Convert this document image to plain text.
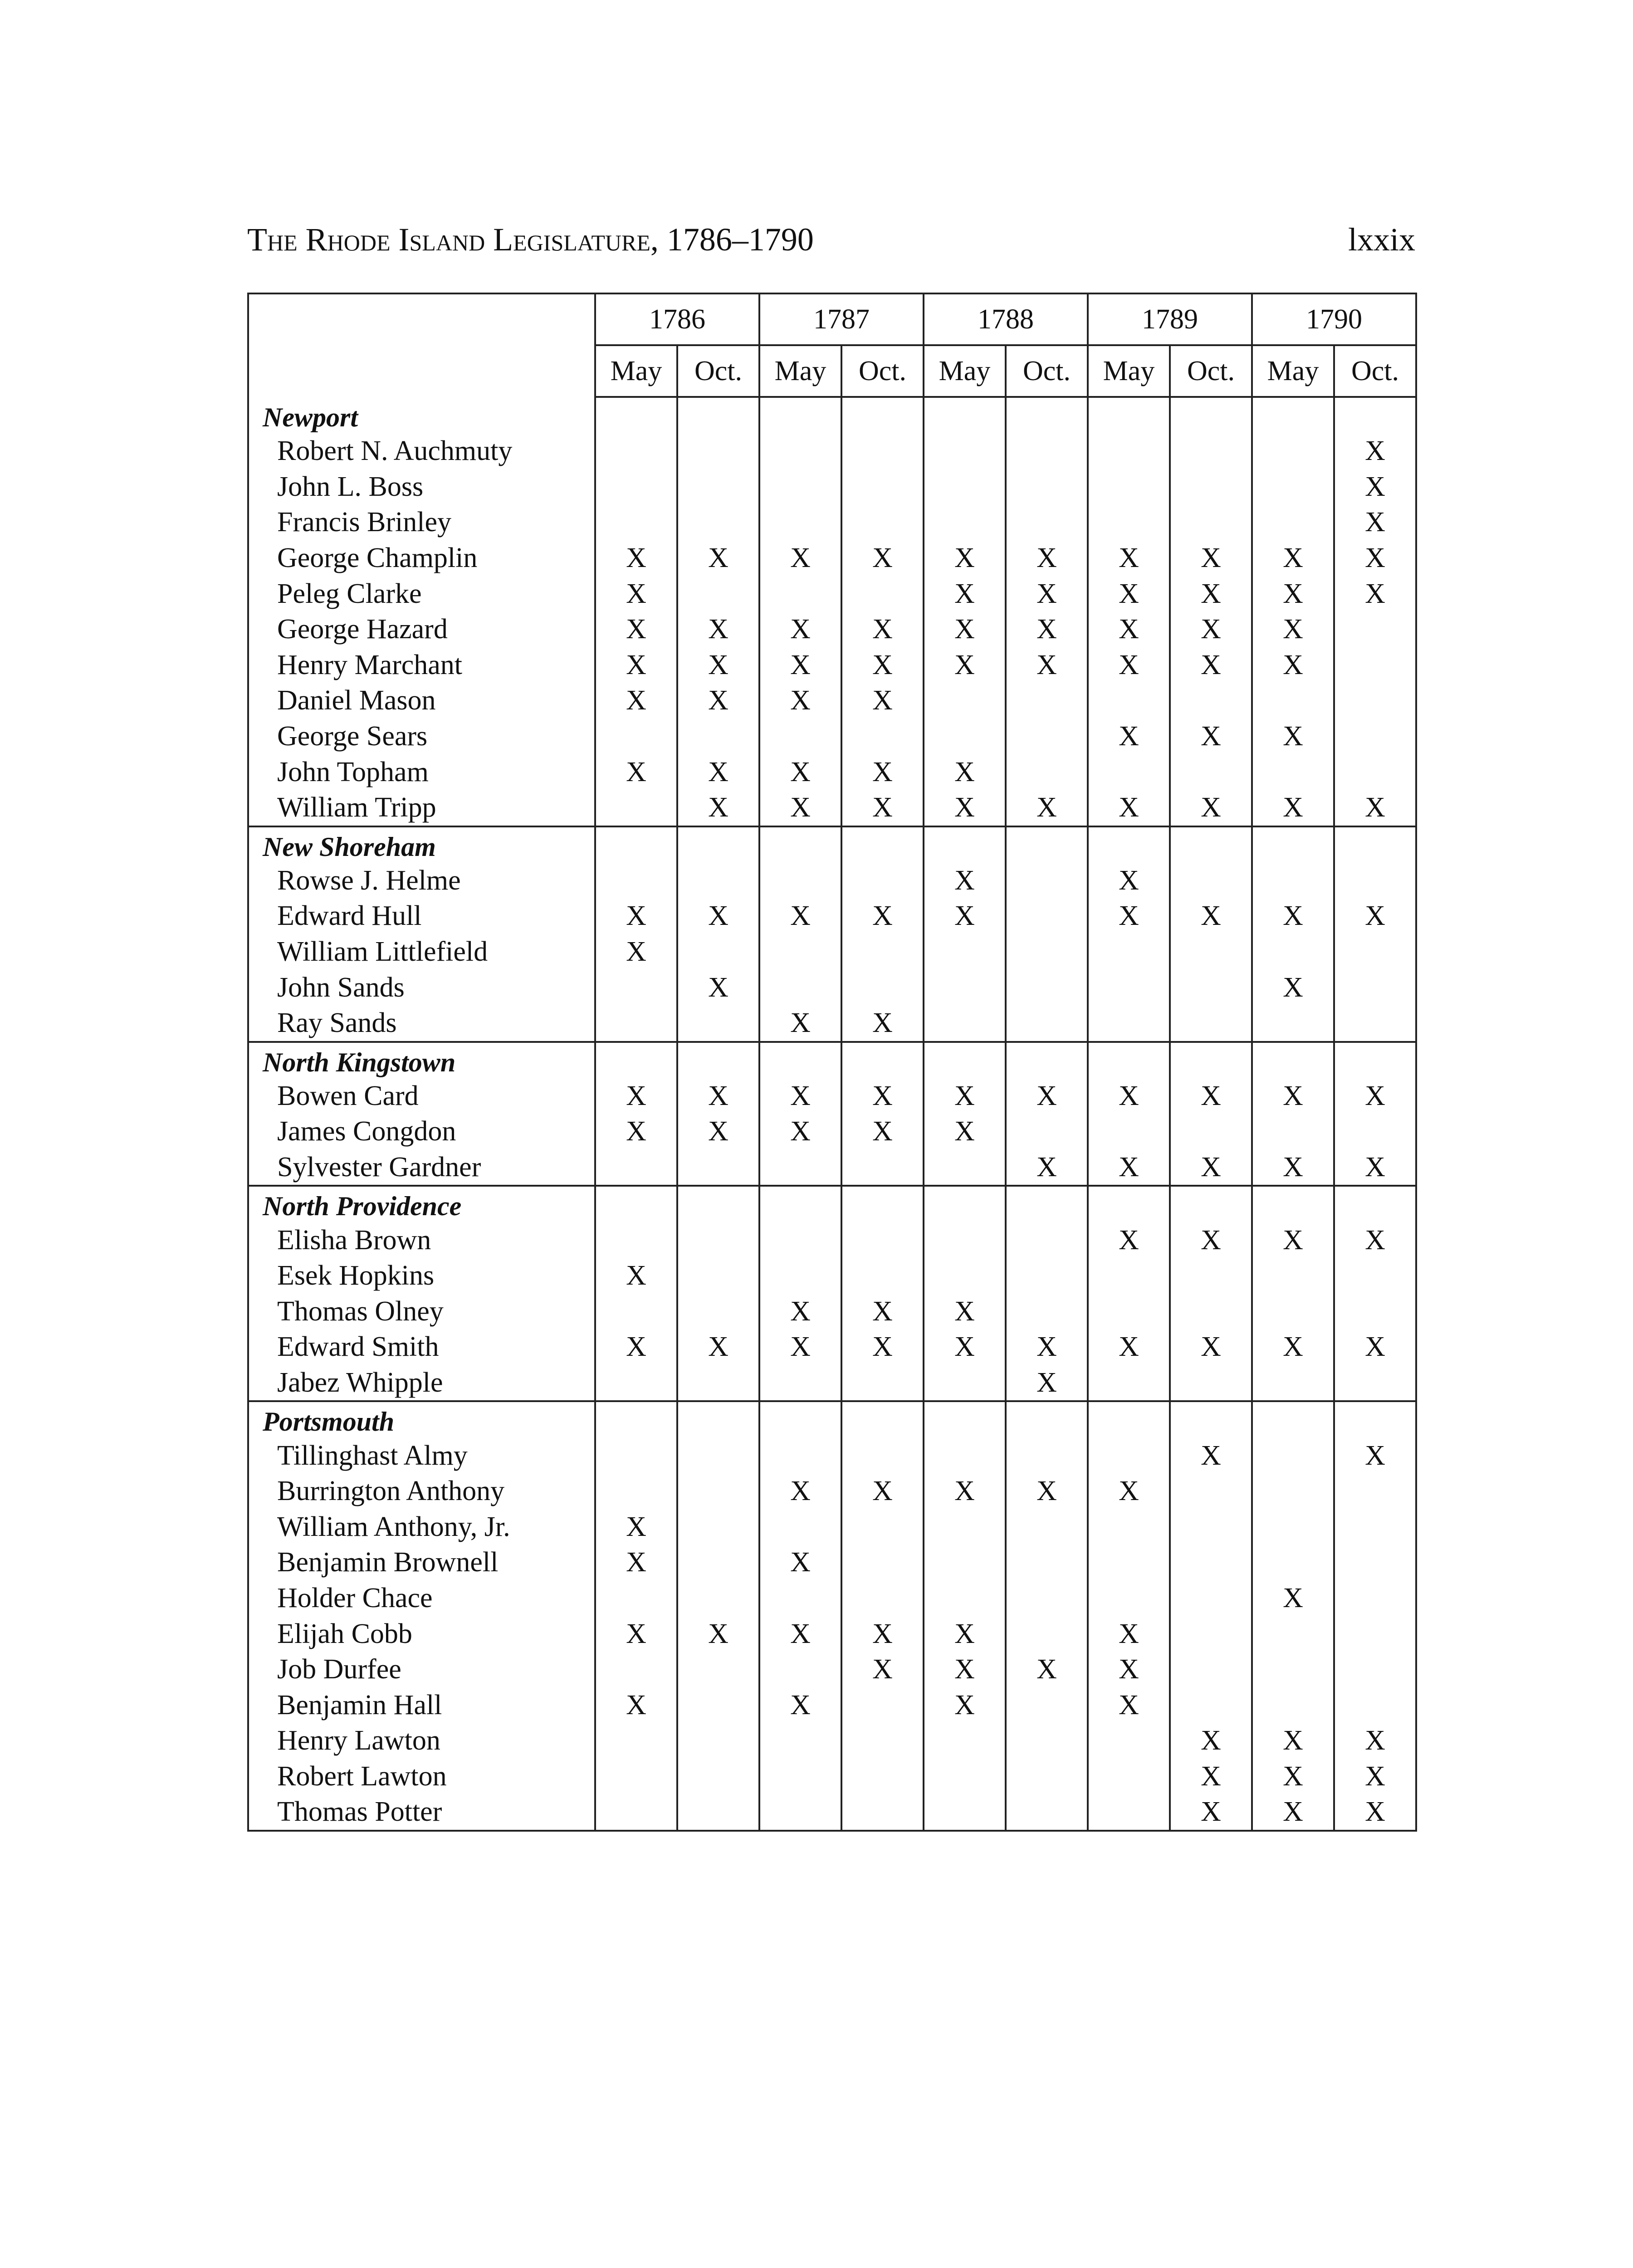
The Rhode Island Legislature, 1786–1790	lxxix
	1786		1787		1788		1789		1790	
	May	Oct.	May	Oct.	May	Oct.	May	Oct.	May	Oct.
Newport										
Robert N. Auchmuty										X
John L. Boss										X
Francis Brinley										X
George Champlin	X	X	X	X	X	X	X	X	X	X
Peleg Clarke	X				X	X	X	X	X	X
George Hazard	X	X	X	X	X	X	X	X	X	
Henry Marchant	X	X	X	X	X	X	X	X	X	
Daniel Mason	X	X	X	X						
George Sears							X	X	X	
John Topham	X	X	X	X	X					
William Tripp		X	X	X	X	X	X	X	X	X
New Shoreham										
Rowse J. Helme					X		X			
Edward Hull	X	X	X	X	X		X	X	X	X
William Littlefield	X									
John Sands		X							X	
Ray Sands			X	X						
North Kingstown										
Bowen Card	X	X	X	X	X	X	X	X	X	X
James Congdon	X	X	X	X	X					
Sylvester Gardner						X	X	X	X	X
North Providence										
Elisha Brown							X	X	X	X
Esek Hopkins	X									
Thomas Olney			X	X	X					
Edward Smith	X	X	X	X	X	X	X	X	X	X
Jabez Whipple						X				
Portsmouth										
Tillinghast Almy								X		X
Burrington Anthony			X	X	X	X	X			
William Anthony, Jr.	X									
Benjamin Brownell	X		X							
Holder Chace									X	
Elijah Cobb	X	X	X	X	X		X			
Job Durfee				X	X	X	X			
Benjamin Hall	X		X		X		X			
Henry Lawton								X	X	X
Robert Lawton								X	X	X
Thomas Potter								X	X	X
